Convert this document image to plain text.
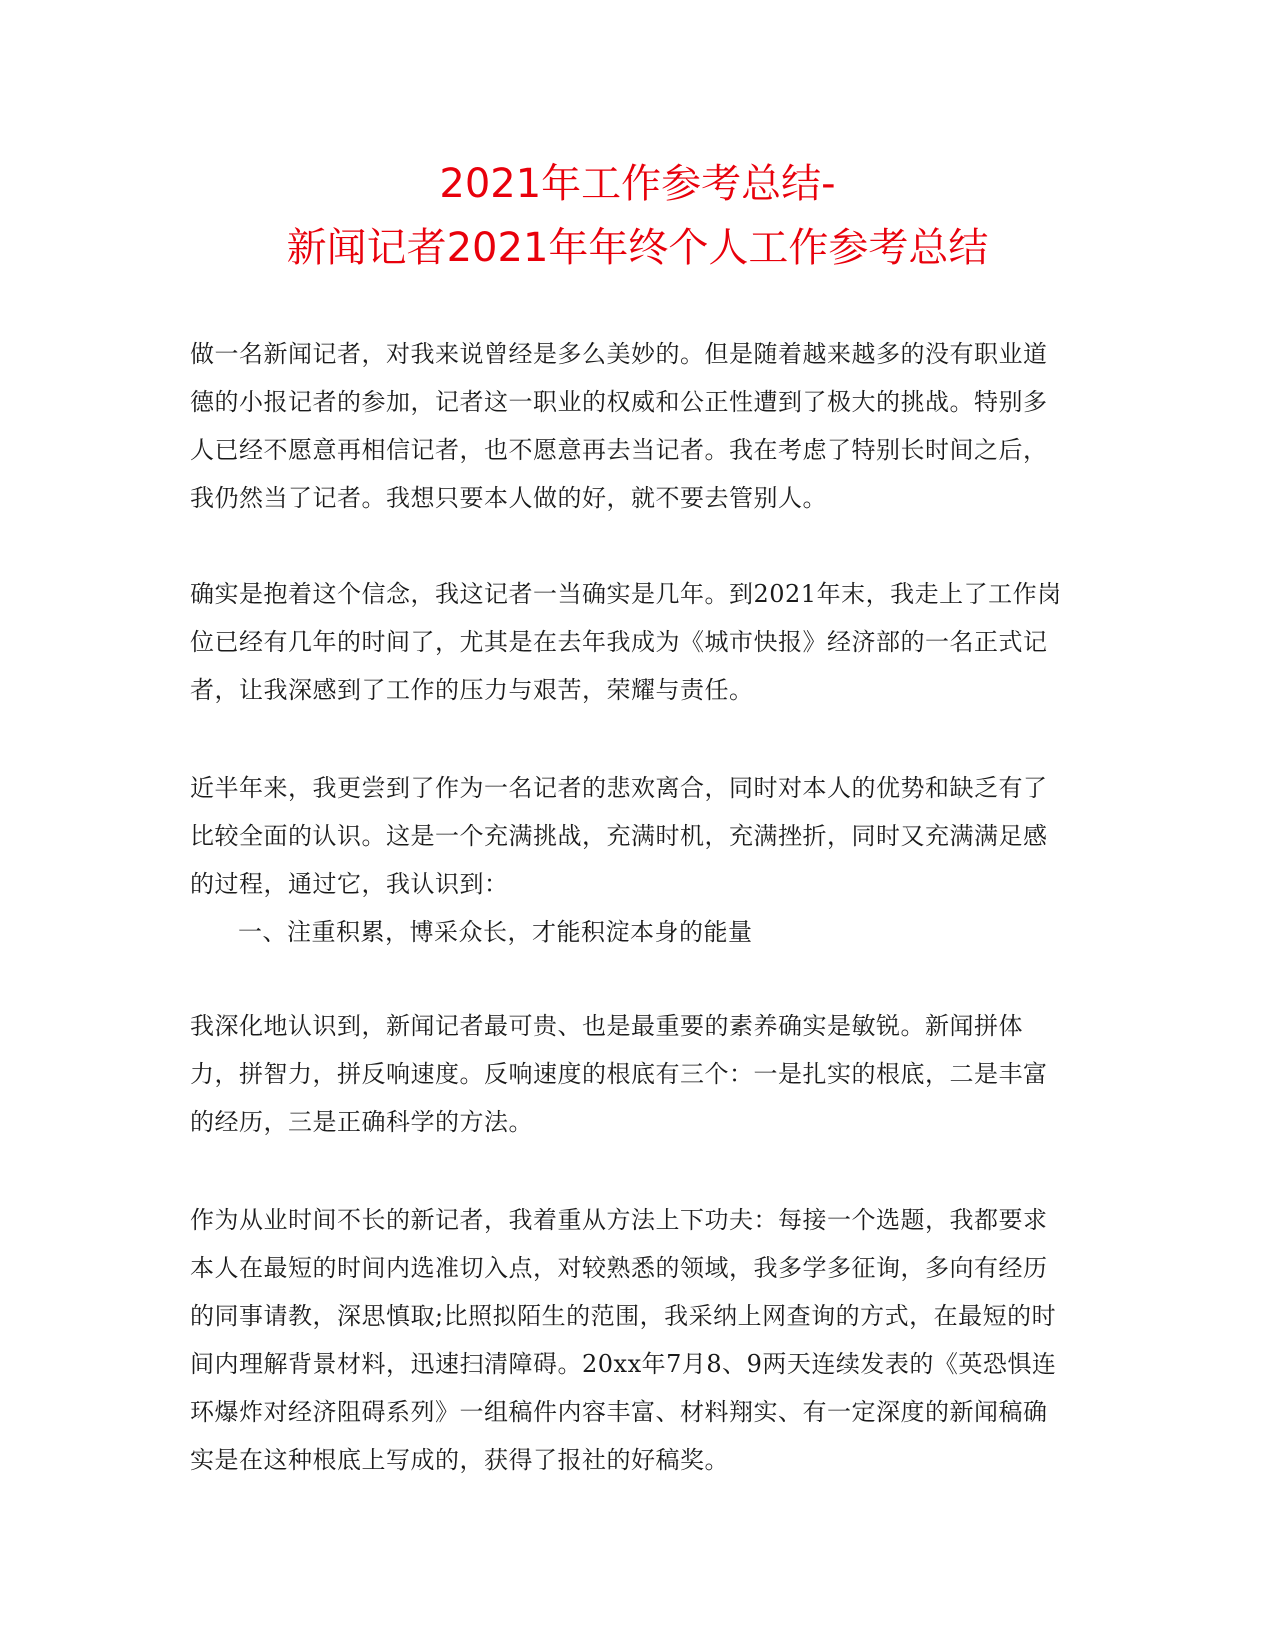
2021年工作参考总结-
新闻记者2021年年终个人工作参考总结

做一名新闻记者，对我来说曾经是多么美妙的。但是随着越来越多的没有职业道德的小报记者的参加，记者这一职业的权威和公正性遭到了极大的挑战。特别多人已经不愿意再相信记者，也不愿意再去当记者。我在考虑了特别长时间之后，我仍然当了记者。我想只要本人做的好，就不要去管别人。

确实是抱着这个信念，我这记者一当确实是几年。到2021年末，我走上了工作岗位已经有几年的时间了，尤其是在去年我成为《城市快报》经济部的一名正式记者，让我深感到了工作的压力与艰苦，荣耀与责任。

近半年来，我更尝到了作为一名记者的悲欢离合，同时对本人的优势和缺乏有了比较全面的认识。这是一个充满挑战，充满时机，充满挫折，同时又充满满足感的过程，通过它，我认识到：

一、注重积累，博采众长，才能积淀本身的能量

我深化地认识到，新闻记者最可贵、也是最重要的素养确实是敏锐。新闻拼体力，拼智力，拼反响速度。反响速度的根底有三个：一是扎实的根底，二是丰富的经历，三是正确科学的方法。

作为从业时间不长的新记者，我着重从方法上下功夫：每接一个选题，我都要求本人在最短的时间内选准切入点，对较熟悉的领域，我多学多征询，多向有经历的同事请教，深思慎取;比照拟陌生的范围，我采纳上网查询的方式，在最短的时间内理解背景材料，迅速扫清障碍。20xx年7月8、9两天连续发表的《英恐惧连环爆炸对经济阻碍系列》一组稿件内容丰富、材料翔实、有一定深度的新闻稿确实是在这种根底上写成的，获得了报社的好稿奖。
